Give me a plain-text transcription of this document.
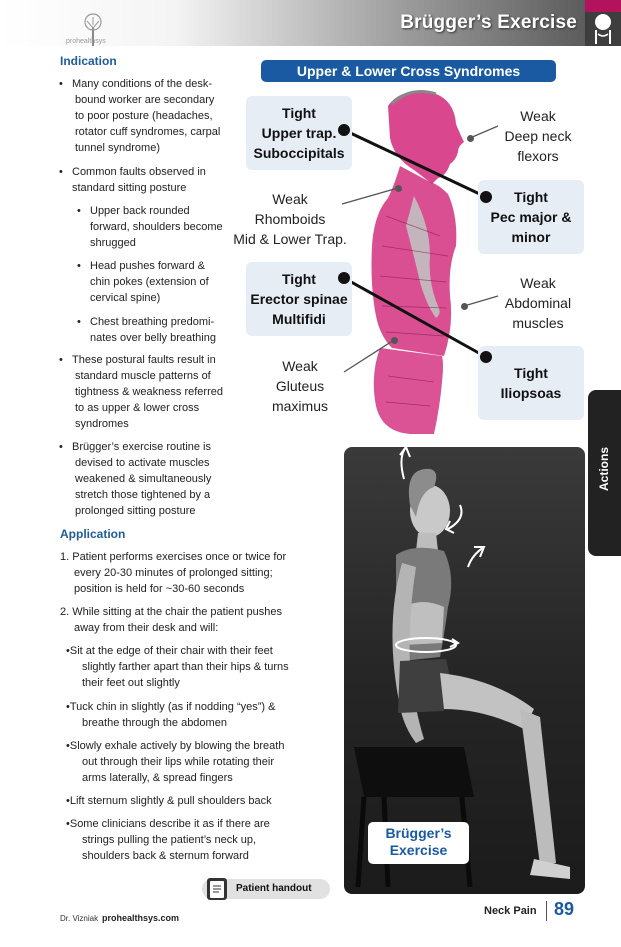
prohealthsys
Brügger’s Exercise
Indication
• Many conditions of the desk-
bound worker are secondary
to poor posture (headaches,
rotator cuff syndromes, carpal
tunnel syndrome)
• Common faults observed in
standard sitting posture
• Upper back rounded
forward, shoulders become
shrugged
• Head pushes forward &
chin pokes (extension of
cervical spine)
• Chest breathing predomi-
nates over belly breathing
• These postural faults result in
standard muscle patterns of
tightness & weakness referred
to as upper & lower cross
syndromes
• Brügger’s exercise routine is
devised to activate muscles
weakened & simultaneously
stretch those tightened by a
prolonged sitting posture
Application
1. Patient performs exercises once or twice for
every 20-30 minutes of prolonged sitting;
position is held for ~30-60 seconds
2. While sitting at the chair the patient pushes
away from their desk and will:
•Sit at the edge of their chair with their feet
slightly farther apart than their hips & turns
their feet out slightly
•Tuck chin in slightly (as if nodding “yes”) &
breathe through the abdomen
•Slowly exhale actively by blowing the breath
out through their lips while rotating their
arms laterally, & spread fingers
•Lift sternum slightly & pull shoulders back
•Some clinicians describe it as if there are
strings pulling the patient’s neck up,
shoulders back & sternum forward
Upper & Lower Cross Syndromes
Tight
Upper trap.
Suboccipitals
Weak
Deep neck
flexors
Weak
Rhomboids
Mid & Lower Trap.
Tight
Pec major &
minor
Tight
Erector spinae
Multifidi
Weak
Abdominal
muscles
Weak
Gluteus
maximus
Tight
Iliopsoas
Actions
Brügger’s
Exercise
Patient handout
Dr. Vizniak prohealthsys.com
Neck Pain 89
